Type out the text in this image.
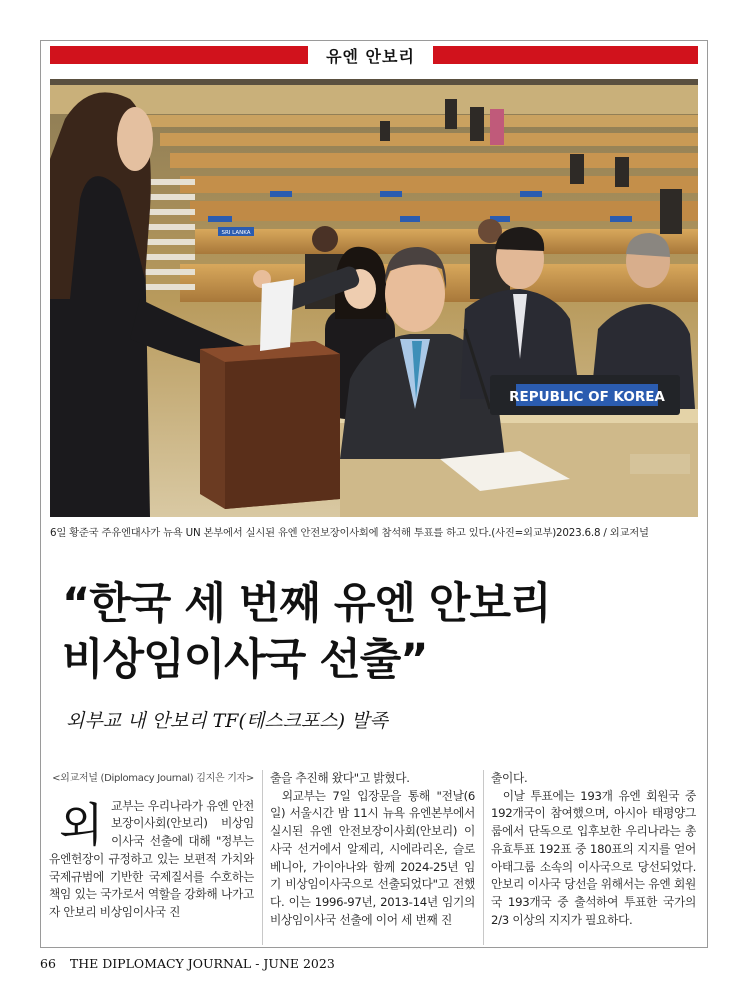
유엔 안보리
SRI LANKA
REPUBLIC OF KOREA
6일 황준국 주유엔대사가 뉴욕 UN 본부에서 실시된 유엔 안전보장이사회에 참석해 투표를 하고 있다.(사진=외교부)2023.6.8 / 외교저널
“한국 세 번째 유엔 안보리
비상임이사국 선출”
외부교 내 안보리 TF(테스크포스) 발족
<외교저널 (Diplomacy Journal) 김지은 기자>
외 교부는 우리나라가 유엔 안전보장이사회(안보리) 비상임이사국 선출에 대해 "정부는 유엔헌장이 규정하고 있는 보편적 가치와 국제규범에 기반한 국제질서를 수호하는 책임 있는 국가로서 역할을 강화해 나가고자 안보리 비상임이사국 진

출을 추진해 왔다"고 밝혔다.

외교부는 7일 입장문을 통해 "전날(6일) 서울시간 밤 11시 뉴욕 유엔본부에서 실시된 유엔 안전보장이사회(안보리) 이사국 선거에서 알제리, 시에라리온, 슬로베니아, 가이아나와 함께 2024-25년 임기 비상임이사국으로 선출되었다"고 전했다. 이는 1996-97년, 2013-14년 임기의 비상임이사국 선출에 이어 세 번째 진

출이다.

이날 투표에는 193개 유엔 회원국 중 192개국이 참여했으며, 아시아 태평양그룹에서 단독으로 입후보한 우리나라는 총 유효투표 192표 중 180표의 지지를 얻어 아태그룹 소속의 이사국으로 당선되었다. 안보리 이사국 당선을 위해서는 유엔 회원국 193개국 중 출석하여 투표한 국가의 2/3 이상의 지지가 필요하다.

66 THE DIPLOMACY JOURNAL - JUNE 2023
